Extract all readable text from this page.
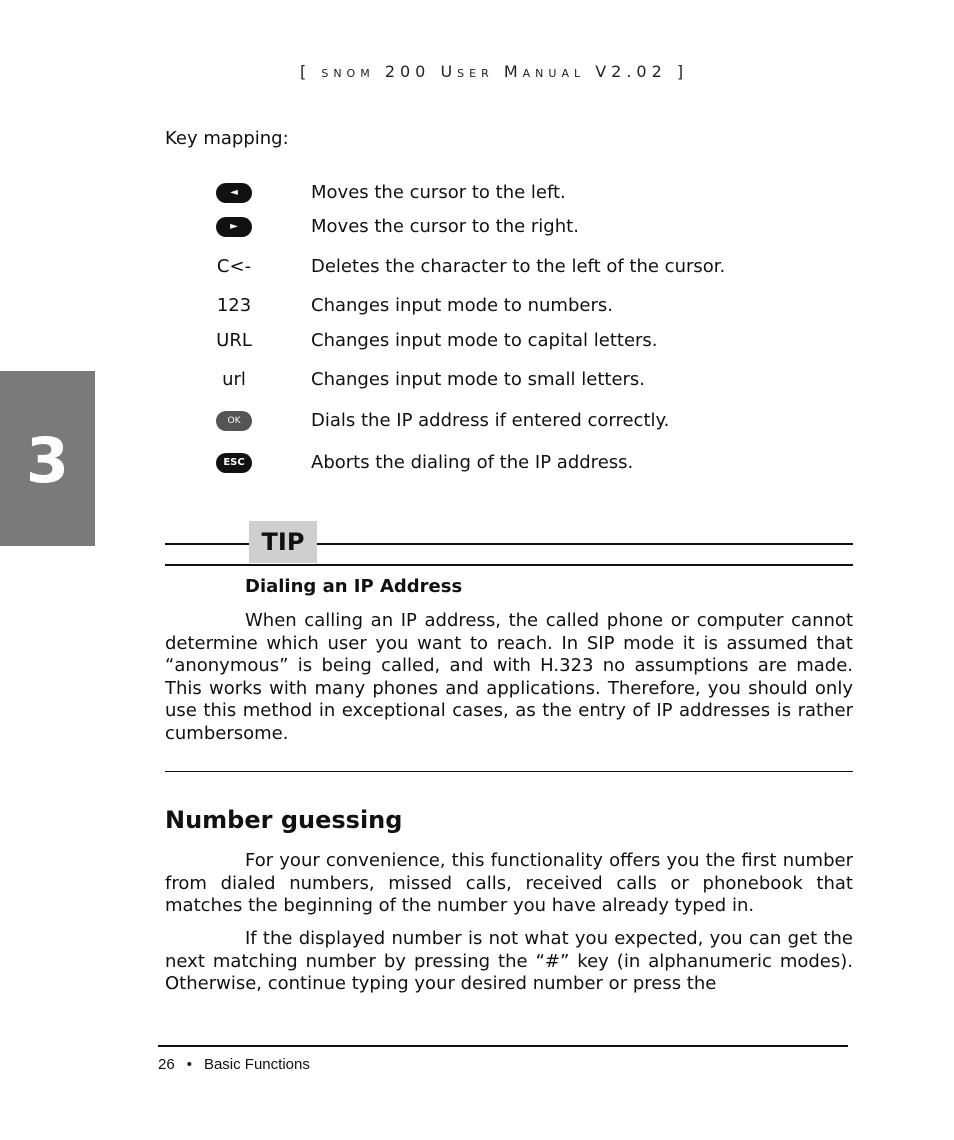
[ SNOM 200 USER MANUAL V2.02 ]
Key mapping:
◄	Moves the cursor to the left.
►	Moves the cursor to the right.
C<-	Deletes the character to the left of the cursor.
123	Changes input mode to numbers.
URL	Changes input mode to capital letters.
url	Changes input mode to small letters.
OK	Dials the IP address if entered correctly.
ESC	Aborts the dialing of the IP address.
3
TIP
Dialing an IP Address

When calling an IP address, the called phone or computer cannot determine which user you want to reach. In SIP mode it is assumed that “anonymous” is being called, and with H.323 no assumptions are made. This works with many phones and applications. Therefore, you should only use this method in exceptional cases, as the entry of IP addresses is rather cumbersome.

Number guessing

For your convenience, this functionality offers you the first number from dialed numbers, missed calls, received calls or phonebook that matches the beginning of the number you have already typed in.

If the displayed number is not what you expected, you can get the next matching number by pressing the “#” key (in alphanumeric modes). Otherwise, continue typing your desired number or press the

26 • Basic Functions
